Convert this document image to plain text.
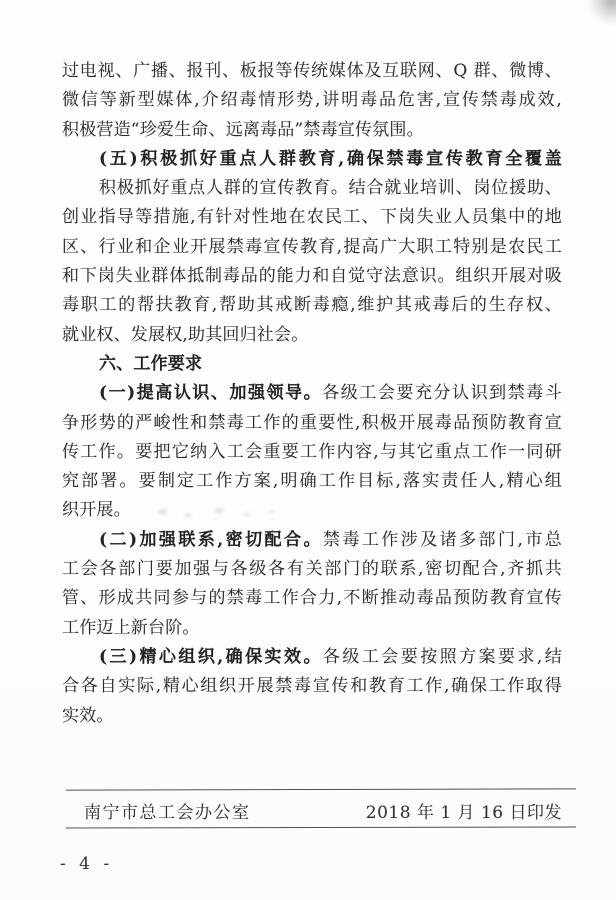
过电视、广播、报刊、板报等传统媒体及互联网、Q 群、微博、
微信等新型媒体,介绍毒情形势,讲明毒品危害,宣传禁毒成效,
积极营造“珍爱生命、远离毒品”禁毒宣传氛围。
(五)积极抓好重点人群教育,确保禁毒宣传教育全覆盖
积极抓好重点人群的宣传教育。结合就业培训、岗位援助、
创业指导等措施,有针对性地在农民工、下岗失业人员集中的地
区、行业和企业开展禁毒宣传教育,提高广大职工特别是农民工
和下岗失业群体抵制毒品的能力和自觉守法意识。组织开展对吸
毒职工的帮扶教育,帮助其戒断毒瘾,维护其戒毒后的生存权、
就业权、发展权,助其回归社会。
六、工作要求
(一)提高认识、加强领导。各级工会要充分认识到禁毒斗
争形势的严峻性和禁毒工作的重要性,积极开展毒品预防教育宣
传工作。要把它纳入工会重要工作内容,与其它重点工作一同研
究部署。要制定工作方案,明确工作目标,落实责任人,精心组
织开展。
(二)加强联系,密切配合。禁毒工作涉及诸多部门,市总
工会各部门要加强与各级各有关部门的联系,密切配合,齐抓共
管、形成共同参与的禁毒工作合力,不断推动毒品预防教育宣传
工作迈上新台阶。
(三)精心组织,确保实效。各级工会要按照方案要求,结
合各自实际,精心组织开展禁毒宣传和教育工作,确保工作取得
实效。
南宁市总工会办公室	2018 年 1 月 16 日印发
- 4 -
